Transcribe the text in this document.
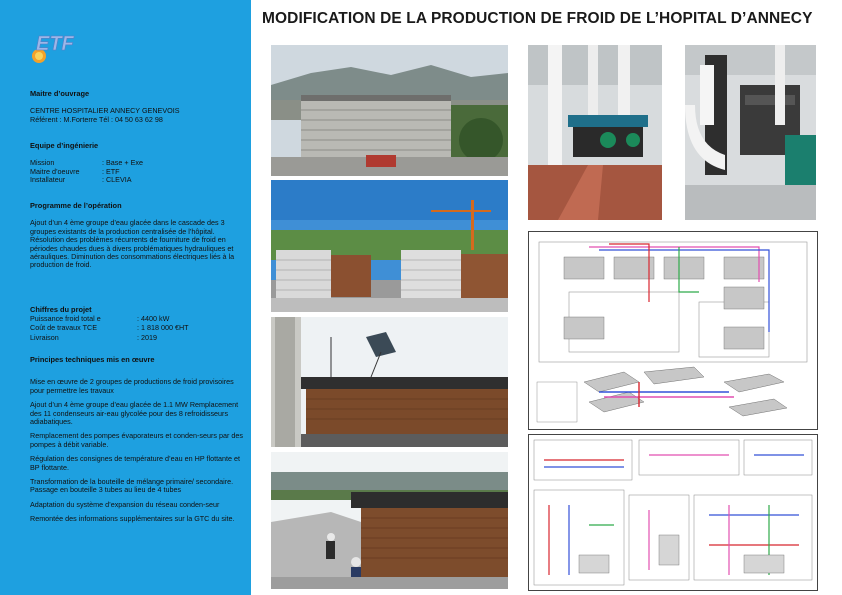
ETF
Maitre d’ouvrage
CENTRE HOSPITALIER ANNECY GENEVOIS
Référent : M.Forterre Tél : 04 50 63 62 98
Equipe d’ingénierie
Mission	: Base + Exe
Maitre d’oeuvre	: ETF
Installateur	: CLEVIA
Programme de l’opération

Ajout d’un 4 ème groupe d’eau glacée dans le cascade des 3 groupes existants de la production centralisée de l’hôpital. Résolution des problèmes récurrents de fourniture de froid en périodes chaudes dues à divers problématiques hydrauliques et aérauliques. Diminution des consommations électriques liés à la production de froid.

Chiffres du projet
Puissance froid total e	: 4400 kW
Coût de travaux TCE	: 1 818 000 €HT
Livraison	: 2019
Principes techniques mis en œuvre

Mise en œuvre de 2 groupes de productions de froid provisoires pour permettre les travaux

Ajout d’un 4 ème groupe d’eau glacée de 1.1 MW Remplacement des 11 condenseurs air-eau glycolée pour des 8 refroidisseurs adiabatiques.

Remplacement des pompes évaporateurs et conden-seurs par des pompes à débit variable.

Régulation des consignes de température d’eau en HP flottante et BP flottante.

Transformation de la bouteille de mélange primaire/ secondaire. Passage en bouteille 3 tubes au lieu de 4 tubes

Adaptation du système d’expansion du réseau conden-seur

Remontée des informations supplémentaires sur la GTC du site.

MODIFICATION DE LA PRODUCTION DE FROID DE L’HOPITAL D’ANNECY
